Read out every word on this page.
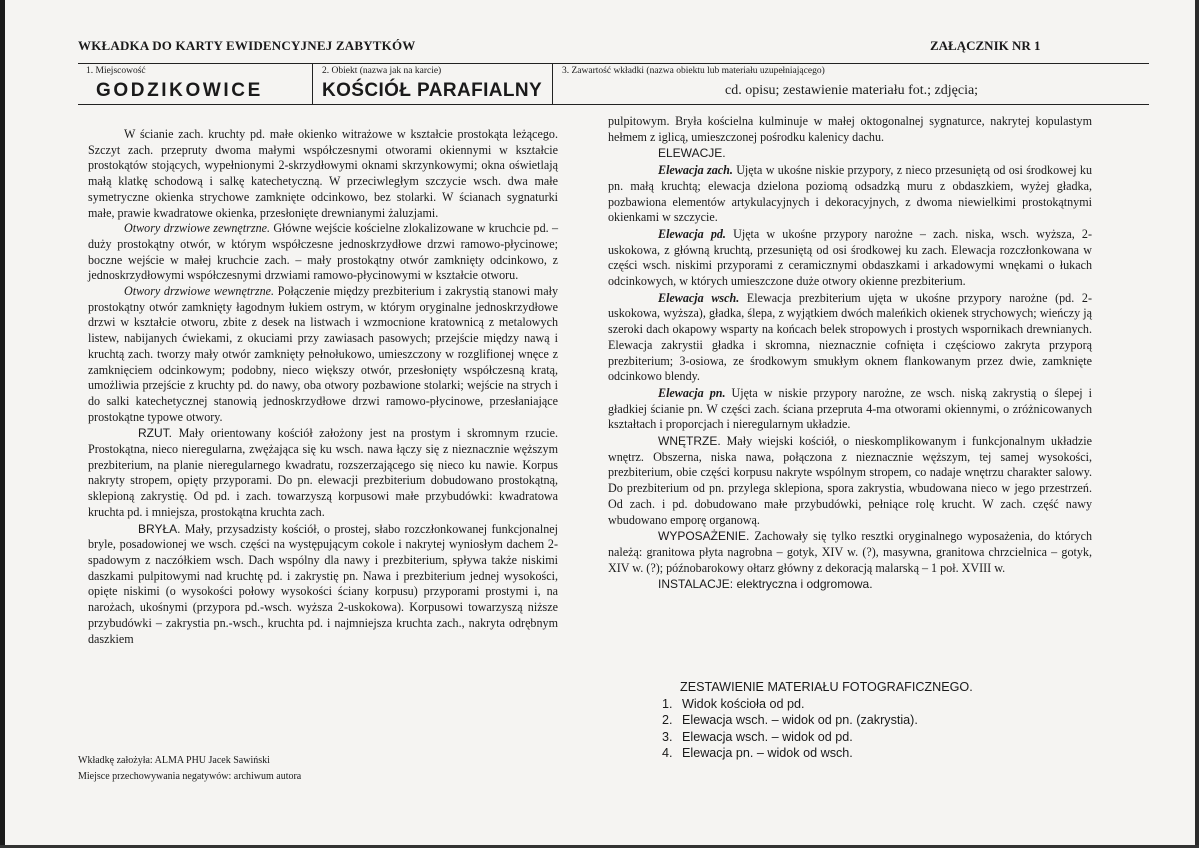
WKŁADKA DO KARTY EWIDENCYJNEJ ZABYTKÓW	ZAŁĄCZNIK NR 1
1. Miejscowość
GODZIKOWICE
2. Obiekt (nazwa jak na karcie)
KOŚCIÓŁ PARAFIALNY
3. Zawartość wkładki (nazwa obiektu lub materiału uzupełniającego)
cd. opisu; zestawienie materiału fot.; zdjęcia;

W ścianie zach. kruchty pd. małe okienko witrażowe w kształcie prostokąta leżącego. Szczyt zach. przepruty dwoma małymi współczesnymi otworami okiennymi w kształcie prostokątów stojących, wypełnionymi 2-skrzydłowymi oknami skrzynkowymi; okna oświetlają małą klatkę schodową i salkę katechetyczną. W przeciwległym szczycie wsch. dwa małe symetryczne okienka strychowe zamknięte odcinkowo, bez stolarki. W ścianach sygnaturki małe, prawie kwadratowe okienka, przesłonięte drewnianymi żaluzjami.

Otwory drzwiowe zewnętrzne. Główne wejście kościelne zlokalizowane w kruchcie pd. – duży prostokątny otwór, w którym współczesne jednoskrzydłowe drzwi ramowo-płycinowe; boczne wejście w małej kruchcie zach. – mały prostokątny otwór zamknięty odcinkowo, z jednoskrzydłowymi współczesnymi drzwiami ramowo-płycinowymi w kształcie otworu.

Otwory drzwiowe wewnętrzne. Połączenie między prezbiterium i zakrystią stanowi mały prostokątny otwór zamknięty łagodnym łukiem ostrym, w którym oryginalne jednoskrzydłowe drzwi w kształcie otworu, zbite z desek na listwach i wzmocnione kratownicą z metalowych listew, nabijanych ćwiekami, z okuciami przy zawiasach pasowych; przejście między nawą i kruchtą zach. tworzy mały otwór zamknięty pełnołukowo, umieszczony w rozglifionej wnęce z zamknięciem odcinkowym; podobny, nieco większy otwór, przesłonięty współczesną kratą, umożliwia przejście z kruchty pd. do nawy, oba otwory pozbawione stolarki; wejście na strych i do salki katechetycznej stanowią jednoskrzydłowe drzwi ramowo-płycinowe, przesłaniające prostokątne typowe otwory.

RZUT. Mały orientowany kościół założony jest na prostym i skromnym rzucie. Prostokątna, nieco nieregularna, zwężająca się ku wsch. nawa łączy się z nieznacznie węższym prezbiterium, na planie nieregularnego kwadratu, rozszerzającego się nieco ku nawie. Korpus nakryty stropem, opięty przyporami. Do pn. elewacji prezbiterium dobudowano prostokątną, sklepioną zakrystię. Od pd. i zach. towarzyszą korpusowi małe przybudówki: kwadratowa kruchta pd. i mniejsza, prostokątna kruchta zach.

BRYŁA. Mały, przysadzisty kościół, o prostej, słabo rozczłonkowanej funkcjonalnej bryle, posadowionej we wsch. części na występującym cokole i nakrytej wyniosłym dachem 2-spadowym z naczółkiem wsch. Dach wspólny dla nawy i prezbiterium, spływa także niskimi daszkami pulpitowymi nad kruchtę pd. i zakrystię pn. Nawa i prezbiterium jednej wysokości, opięte niskimi (o wysokości połowy wysokości ściany korpusu) przyporami prostymi i, na narożach, ukośnymi (przypora pd.-wsch. wyższa 2-uskokowa). Korpusowi towarzyszą niższe przybudówki – zakrystia pn.-wsch., kruchta pd. i najmniejsza kruchta zach., nakryta odrębnym daszkiem

pulpitowym. Bryła kościelna kulminuje w małej oktogonalnej sygnaturce, nakrytej kopulastym hełmem z iglicą, umieszczonej pośrodku kalenicy dachu.

ELEWACJE.

Elewacja zach. Ujęta w ukośne niskie przypory, z nieco przesuniętą od osi środkowej ku pn. małą kruchtą; elewacja dzielona poziomą odsadzką muru z obdaszkiem, wyżej gładka, pozbawiona elementów artykulacyjnych i dekoracyjnych, z dwoma niewielkimi prostokątnymi okienkami w szczycie.

Elewacja pd. Ujęta w ukośne przypory narożne – zach. niska, wsch. wyższa, 2-uskokowa, z główną kruchtą, przesuniętą od osi środkowej ku zach. Elewacja rozczłonkowana w części wsch. niskimi przyporami z ceramicznymi obdaszkami i arkadowymi wnękami o łukach odcinkowych, w których umieszczone duże otwory okienne prezbiterium.

Elewacja wsch. Elewacja prezbiterium ujęta w ukośne przypory narożne (pd. 2-uskokowa, wyższa), gładka, ślepa, z wyjątkiem dwóch maleńkich okienek strychowych; wieńczy ją szeroki dach okapowy wsparty na końcach belek stropowych i prostych wspornikach drewnianych. Elewacja zakrystii gładka i skromna, nieznacznie cofnięta i częściowo zakryta przyporą prezbiterium; 3-osiowa, ze środkowym smukłym oknem flankowanym przez dwie, zamknięte odcinkowo blendy.

Elewacja pn. Ujęta w niskie przypory narożne, ze wsch. niską zakrystią o ślepej i gładkiej ścianie pn. W części zach. ściana przeprutа 4-ma otworami okiennymi, o zróżnicowanych kształtach i proporcjach i nieregularnym układzie.

WNĘTRZE. Mały wiejski kościół, o nieskomplikowanym i funkcjonalnym układzie wnętrz. Obszerna, niska nawa, połączona z nieznacznie węższym, tej samej wysokości, prezbiterium, obie części korpusu nakryte wspólnym stropem, co nadaje wnętrzu charakter salowy. Do prezbiterium od pn. przylega sklepiona, spora zakrystia, wbudowana nieco w jego przestrzeń. Od zach. i pd. dobudowano małe przybudówki, pełniące rolę krucht. W zach. część nawy wbudowano emporę organową.

WYPOSAŻENIE. Zachowały się tylko resztki oryginalnego wyposażenia, do których należą: granitowa płyta nagrobna – gotyk, XIV w. (?), masywna, granitowa chrzcielnica – gotyk, XIV w. (?); późnobarokowy ołtarz główny z dekoracją malarską – 1 poł. XVIII w.

INSTALACJE: elektryczna i odgromowa.

ZESTAWIENIE MATERIAŁU FOTOGRAFICZNEGO.
1. Widok kościoła od pd.
2. Elewacja wsch. – widok od pn. (zakrystia).
3. Elewacja wsch. – widok od pd.
4. Elewacja pn. – widok od wsch.
Wkładkę założyła: ALMA PHU Jacek Sawiński
Miejsce przechowywania negatywów: archiwum autora
